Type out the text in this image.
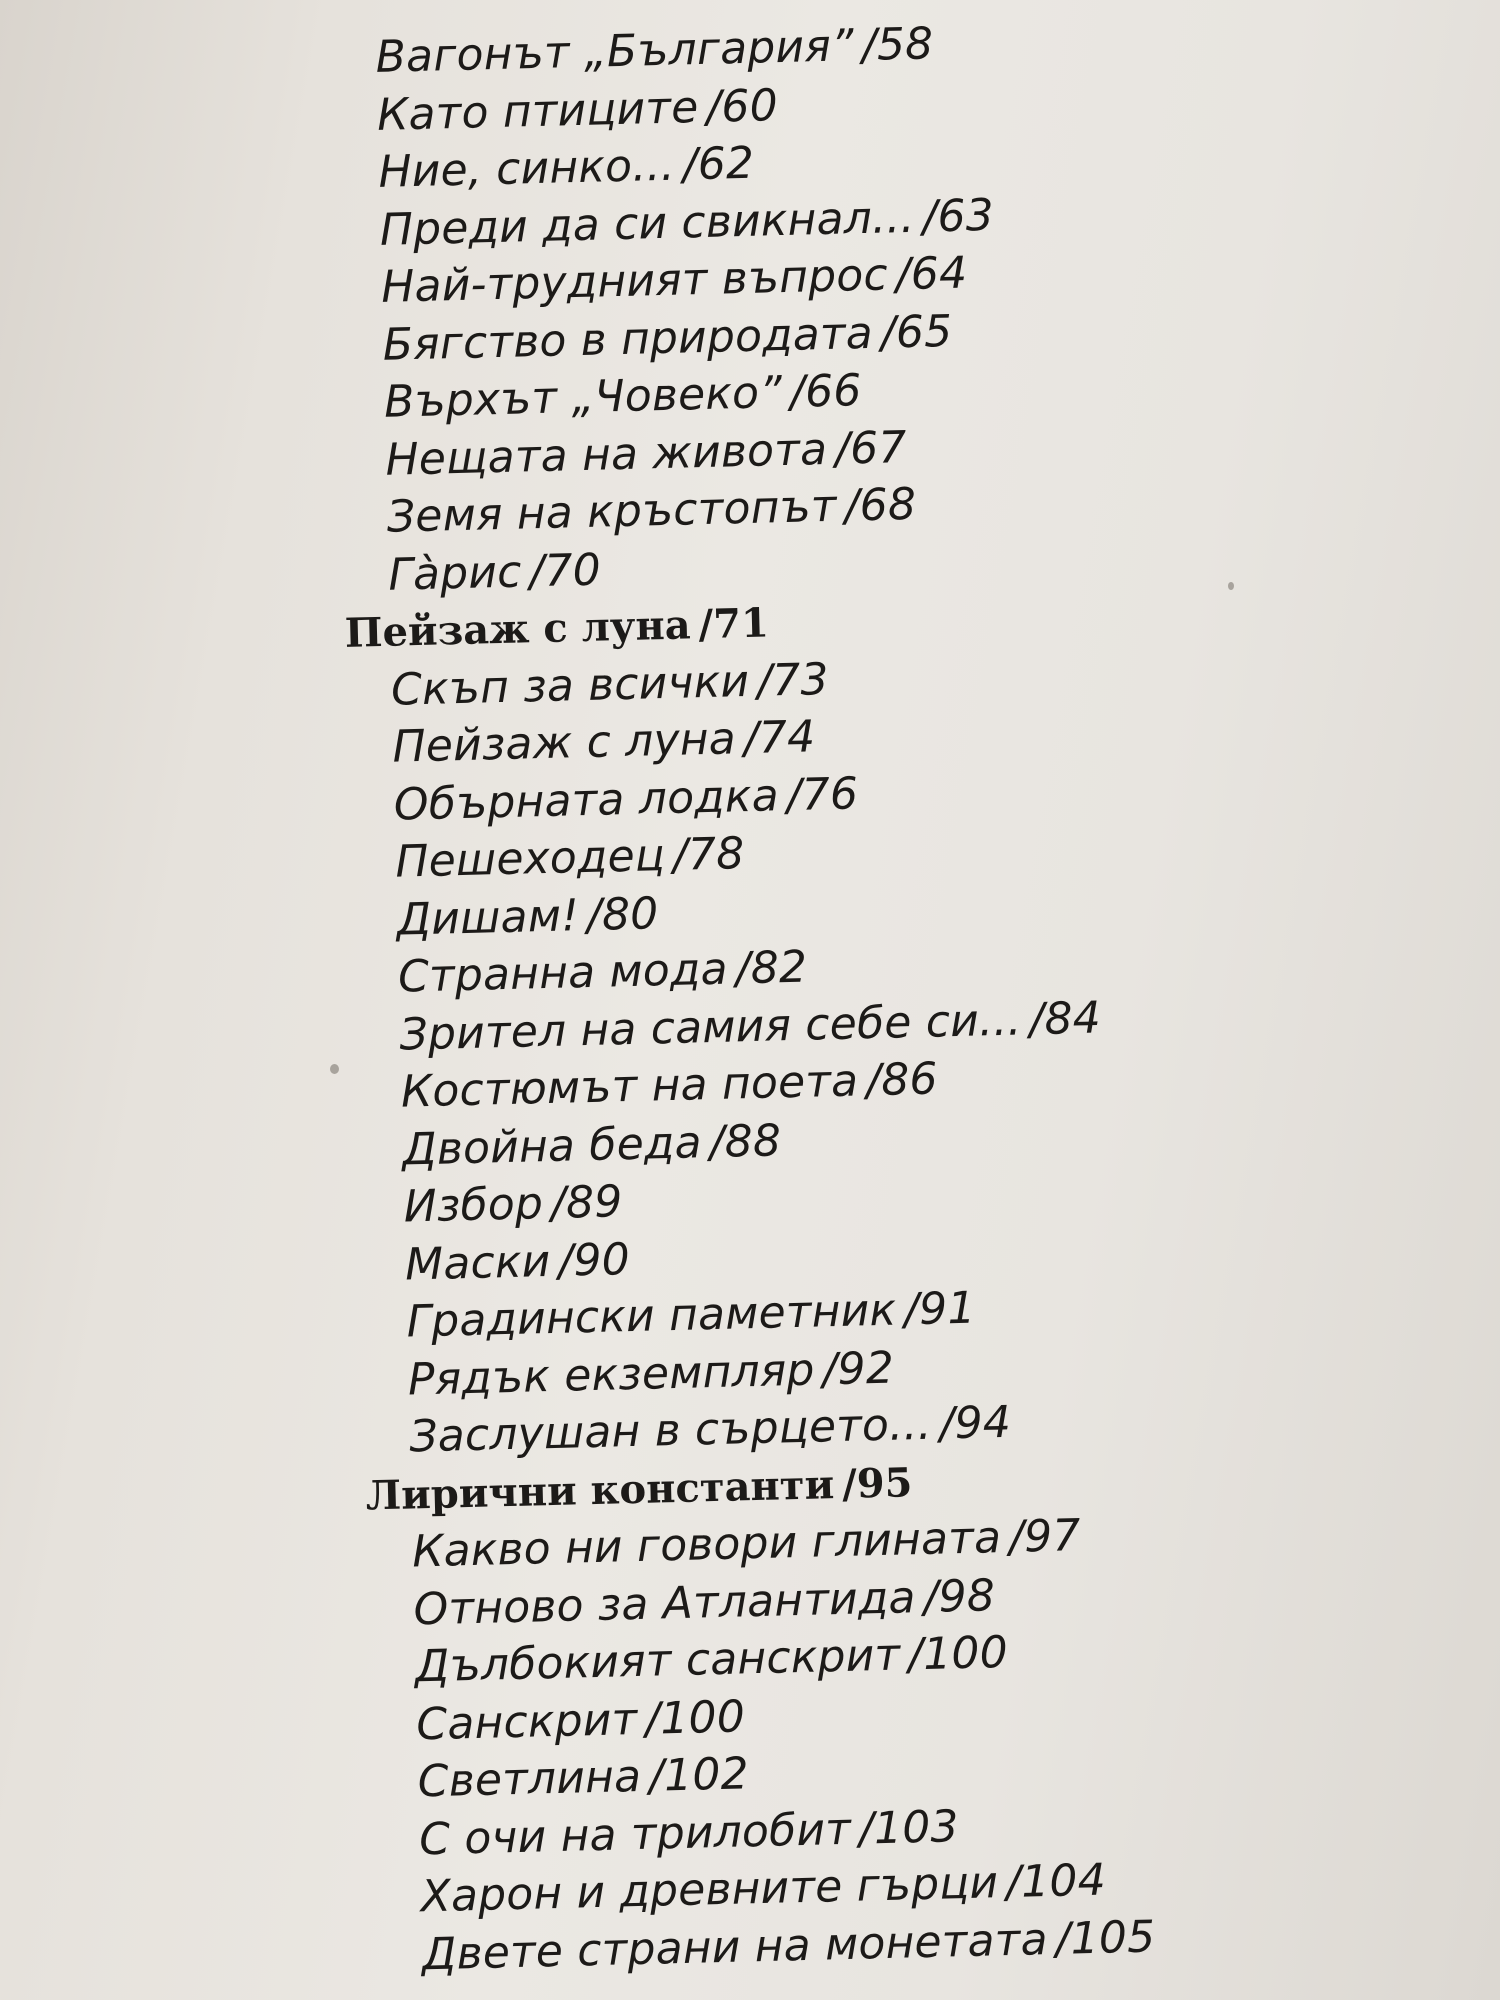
Вагонът „България” /58
Като птиците /60
Ние, синко... /62
Преди да си свикнал... /63
Най-трудният въпрос /64
Бягство в природата /65
Върхът „Човеко” /66
Нещата на живота /67
Земя на кръстопът /68
Гàрис /70
Пейзаж с луна /71
Скъп за всички /73
Пейзаж с луна /74
Обърната лодка /76
Пешеходец /78
Дишам! /80
Странна мода /82
Зрител на самия себе си... /84
Костюмът на поета /86
Двойна беда /88
Избор /89
Маски /90
Градински паметник /91
Рядък екземпляр /92
Заслушан в сърцето... /94
Лирични константи /95
Какво ни говори глината /97
Отново за Атлантида /98
Дълбокият санскрит /100
Санскрит /100
Светлина /102
С очи на трилобит /103
Харон и древните гърци /104
Двете страни на монетата /105
